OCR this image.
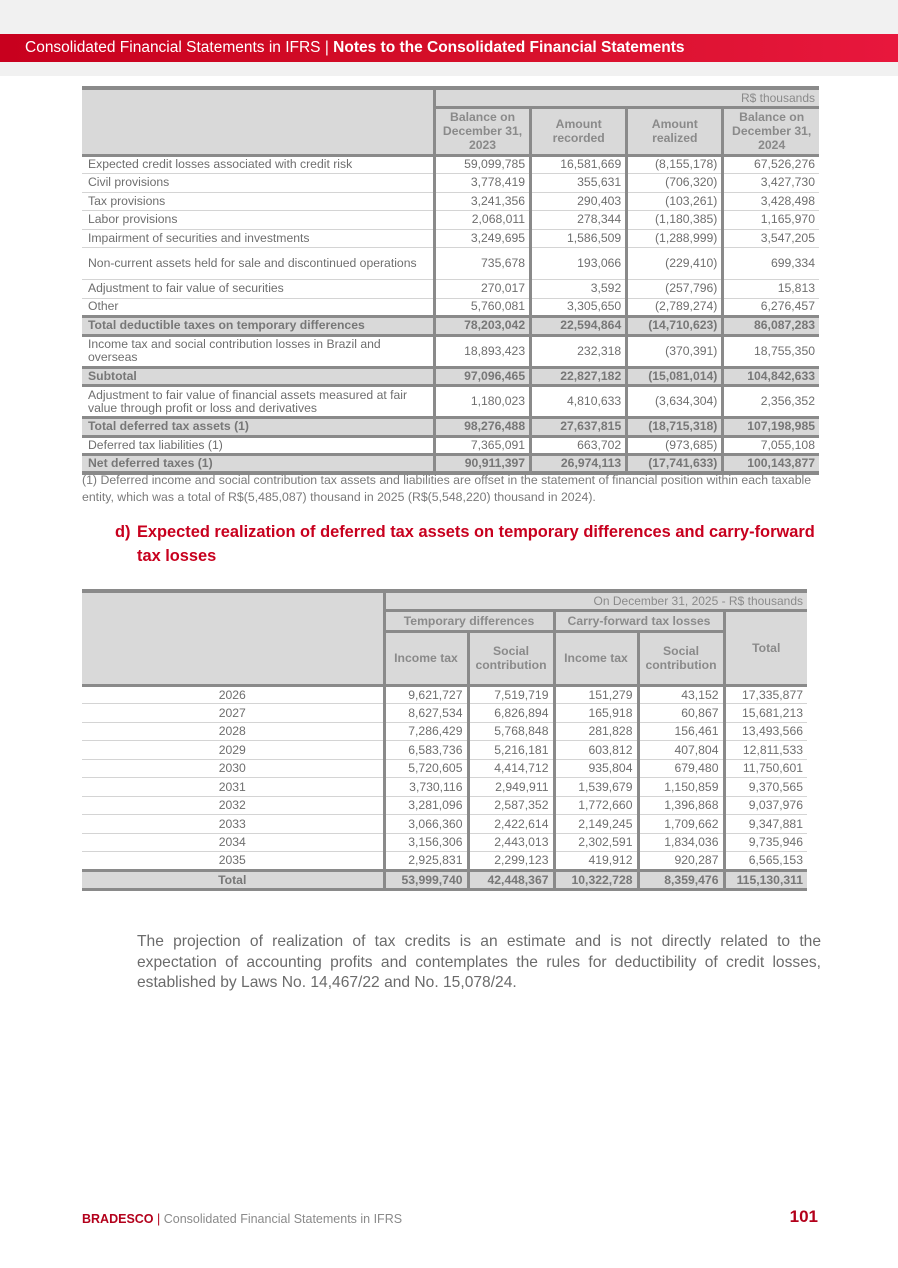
Consolidated Financial Statements in IFRS | Notes to the Consolidated Financial Statements
	R$ thousands			
	Balance on December 31, 2023	Amount recorded	Amount realized	Balance on December 31, 2024
Expected credit losses associated with credit risk	59,099,785	16,581,669	(8,155,178)	67,526,276
Civil provisions	3,778,419	355,631	(706,320)	3,427,730
Tax provisions	3,241,356	290,403	(103,261)	3,428,498
Labor provisions	2,068,011	278,344	(1,180,385)	1,165,970
Impairment of securities and investments	3,249,695	1,586,509	(1,288,999)	3,547,205
Non-current assets held for sale and discontinued operations	735,678	193,066	(229,410)	699,334
Adjustment to fair value of securities	270,017	3,592	(257,796)	15,813
Other	5,760,081	3,305,650	(2,789,274)	6,276,457
Total deductible taxes on temporary differences	78,203,042	22,594,864	(14,710,623)	86,087,283
Income tax and social contribution losses in Brazil and overseas	18,893,423	232,318	(370,391)	18,755,350
Subtotal	97,096,465	22,827,182	(15,081,014)	104,842,633
Adjustment to fair value of financial assets measured at fair value through profit or loss and derivatives	1,180,023	4,810,633	(3,634,304)	2,356,352
Total deferred tax assets (1)	98,276,488	27,637,815	(18,715,318)	107,198,985
Deferred tax liabilities (1)	7,365,091	663,702	(973,685)	7,055,108
Net deferred taxes (1)	90,911,397	26,974,113	(17,741,633)	100,143,877
(1) Deferred income and social contribution tax assets and liabilities are offset in the statement of financial position within each taxable entity, which was a total of R$(5,485,087) thousand in 2025 (R$(5,548,220) thousand in 2024).
d) Expected realization of deferred tax assets on temporary differences and carry-forward tax losses
	On December 31, 2025 - R$ thousands				
	Temporary differences		Carry-forward tax losses		Total
	Income tax	Social contribution	Income tax	Social contribution	
2026	9,621,727	7,519,719	151,279	43,152	17,335,877
2027	8,627,534	6,826,894	165,918	60,867	15,681,213
2028	7,286,429	5,768,848	281,828	156,461	13,493,566
2029	6,583,736	5,216,181	603,812	407,804	12,811,533
2030	5,720,605	4,414,712	935,804	679,480	11,750,601
2031	3,730,116	2,949,911	1,539,679	1,150,859	9,370,565
2032	3,281,096	2,587,352	1,772,660	1,396,868	9,037,976
2033	3,066,360	2,422,614	2,149,245	1,709,662	9,347,881
2034	3,156,306	2,443,013	2,302,591	1,834,036	9,735,946
2035	2,925,831	2,299,123	419,912	920,287	6,565,153
Total	53,999,740	42,448,367	10,322,728	8,359,476	115,130,311

The projection of realization of tax credits is an estimate and is not directly related to the expectation of accounting profits and contemplates the rules for deductibility of credit losses, established by Laws No. 14,467/22 and No. 15,078/24.

BRADESCO | Consolidated Financial Statements in IFRS	101
